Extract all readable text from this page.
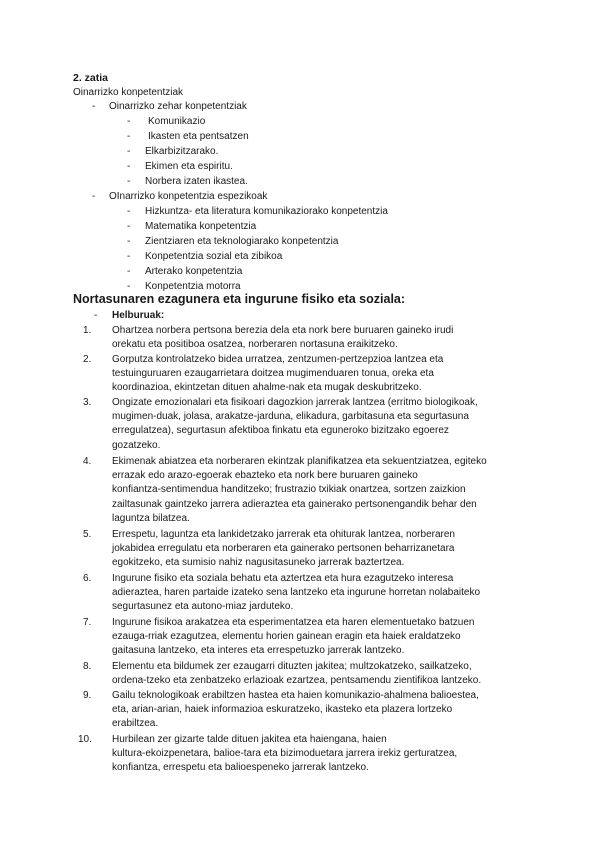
2. zatia
Oinarrizko konpetentziak
- Oinarrizko zehar konpetentziak
- Komunikazio
- Ikasten eta pentsatzen
- Elkarbizitzarako.
- Ekimen eta espiritu.
- Norbera izaten ikastea.
- OInarrizko konpetentzia espezikoak
- Hizkuntza- eta literatura komunikaziorako konpetentzia
- Matematika konpetentzia
- Zientziaren eta teknologiarako konpetentzia
- Konpetentzia sozial eta zibikoa
- Arterako konpetentzia
- Konpetentzia motorra
Nortasunaren ezagunera eta ingurune fisiko eta soziala:
- Helburuak:
1.	Ohartzea norbera pertsona berezia dela eta nork bere buruaren gaineko irudi
orekatu eta positiboa osatzea, norberaren nortasuna eraikitzeko.
2.	Gorputza kontrolatzeko bidea urratzea, zentzumen-pertzepzioa lantzea eta
testuinguruaren ezaugarrietara doitzea mugimenduaren tonua, oreka eta
koordinazioa, ekintzetan dituen ahalme-nak eta mugak deskubritzeko.
3.	Ongizate emozionalari eta fisikoari dagozkion jarrerak lantzea (erritmo biologikoak,
mugimen-duak, jolasa, arakatze-jarduna, elikadura, garbitasuna eta segurtasuna
erregulatzea), segurtasun afektiboa finkatu eta eguneroko bizitzako egoerez
gozatzeko.
4.	Ekimenak abiatzea eta norberaren ekintzak planifikatzea eta sekuentziatzea, egiteko
errazak edo arazo-egoerak ebazteko eta nork bere buruaren gaineko
konfiantza-sentimendua handitzeko; frustrazio txikiak onartzea, sortzen zaizkion
zailtasunak gaintzeko jarrera adieraztea eta gainerako pertsonengandik behar den
laguntza bilatzea.
5.	Errespetu, laguntza eta lankidetzako jarrerak eta ohiturak lantzea, norberaren
jokabidea erregulatu eta norberaren eta gainerako pertsonen beharrizanetara
egokitzeko, eta sumisio nahiz nagusitasuneko jarrerak baztertzea.
6.	Ingurune fisiko eta soziala behatu eta aztertzea eta hura ezagutzeko interesa
adieraztea, haren partaide izateko sena lantzeko eta ingurune horretan nolabaiteko
segurtasunez eta autono-miaz jarduteko.
7.	Ingurune fisikoa arakatzea eta esperimentatzea eta haren elementuetako batzuen
ezauga-rriak ezagutzea, elementu horien gainean eragin eta haiek eraldatzeko
gaitasuna lantzeko, eta interes eta errespetuzko jarrerak lantzeko.
8.	Elementu eta bildumek zer ezaugarri dituzten jakitea; multzokatzeko, sailkatzeko,
ordena-tzeko eta zenbatzeko erlazioak ezartzea, pentsamendu zientifikoa lantzeko.
9.	Gailu teknologikoak erabiltzen hastea eta haien komunikazio-ahalmena balioestea,
eta, arian-arian, haiek informazioa eskuratzeko, ikasteko eta plazera lortzeko
erabiltzea.
10.	Hurbilean zer gizarte talde dituen jakitea eta haiengana, haien
kultura-ekoizpenetara, balioe-tara eta bizimoduetara jarrera irekiz gerturatzea,
konfiantza, errespetu eta balioespeneko jarrerak lantzeko.
